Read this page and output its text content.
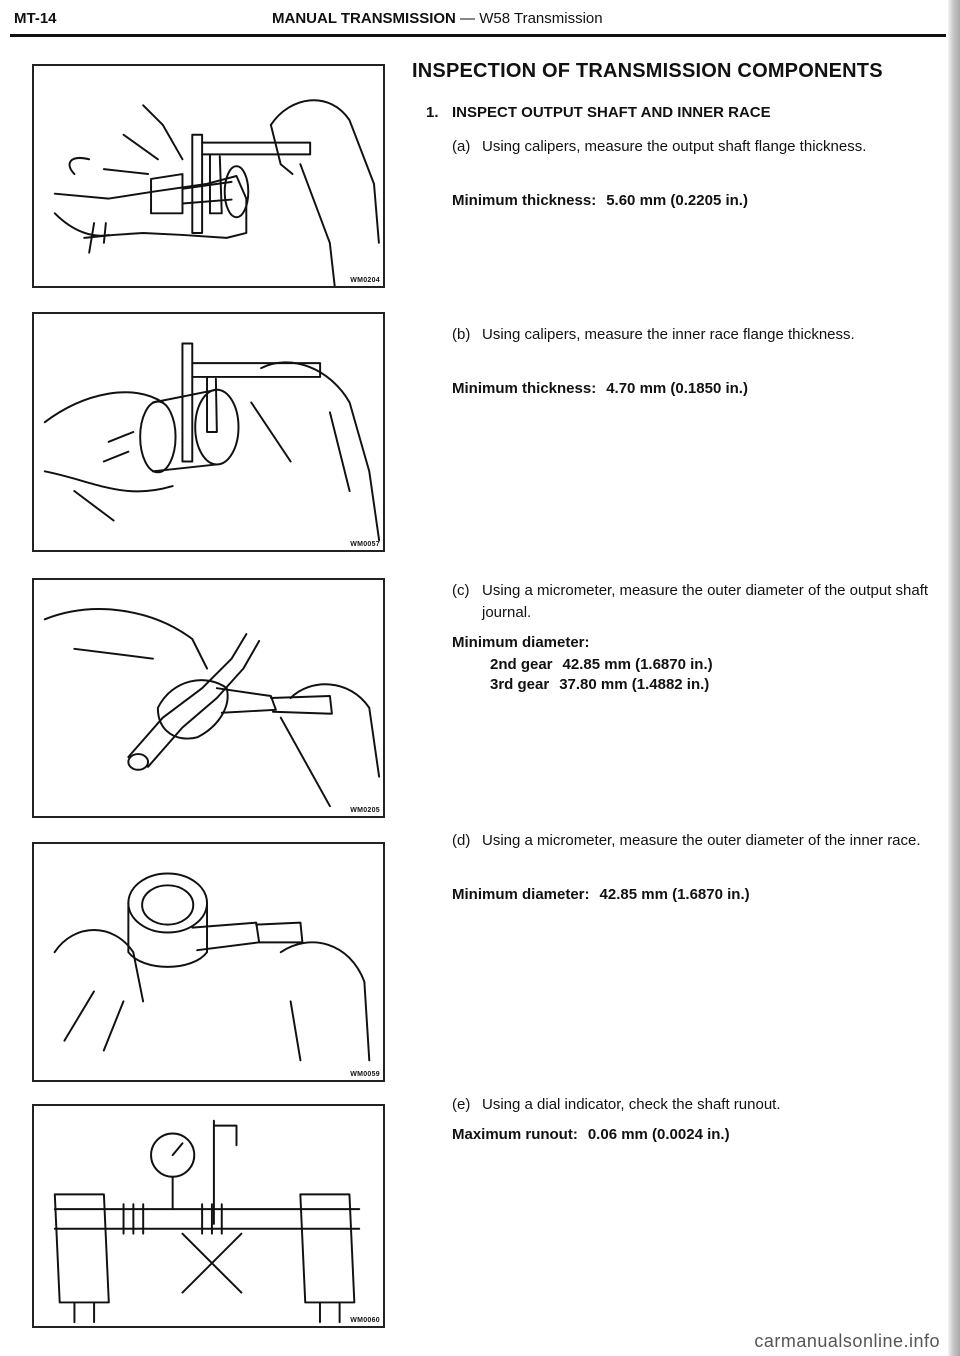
MT-14	MANUAL TRANSMISSION — W58 Transmission
WM0204
WM0057
WM0205
WM0059
WM0060
INSPECTION OF TRANSMISSION COMPONENTS
1. INSPECT OUTPUT SHAFT AND INNER RACE
(a) Using calipers, measure the output shaft flange thickness.
Minimum thickness: 5.60 mm (0.2205 in.)
(b) Using calipers, measure the inner race flange thickness.
Minimum thickness: 4.70 mm (0.1850 in.)
(c) Using a micrometer, measure the outer diameter of the output shaft journal.
Minimum diameter:
2nd gear 42.85 mm (1.6870 in.)
3rd gear 37.80 mm (1.4882 in.)
(d) Using a micrometer, measure the outer diameter of the inner race.
Minimum diameter: 42.85 mm (1.6870 in.)
(e) Using a dial indicator, check the shaft runout.
Maximum runout: 0.06 mm (0.0024 in.)
carmanualsonline.info
